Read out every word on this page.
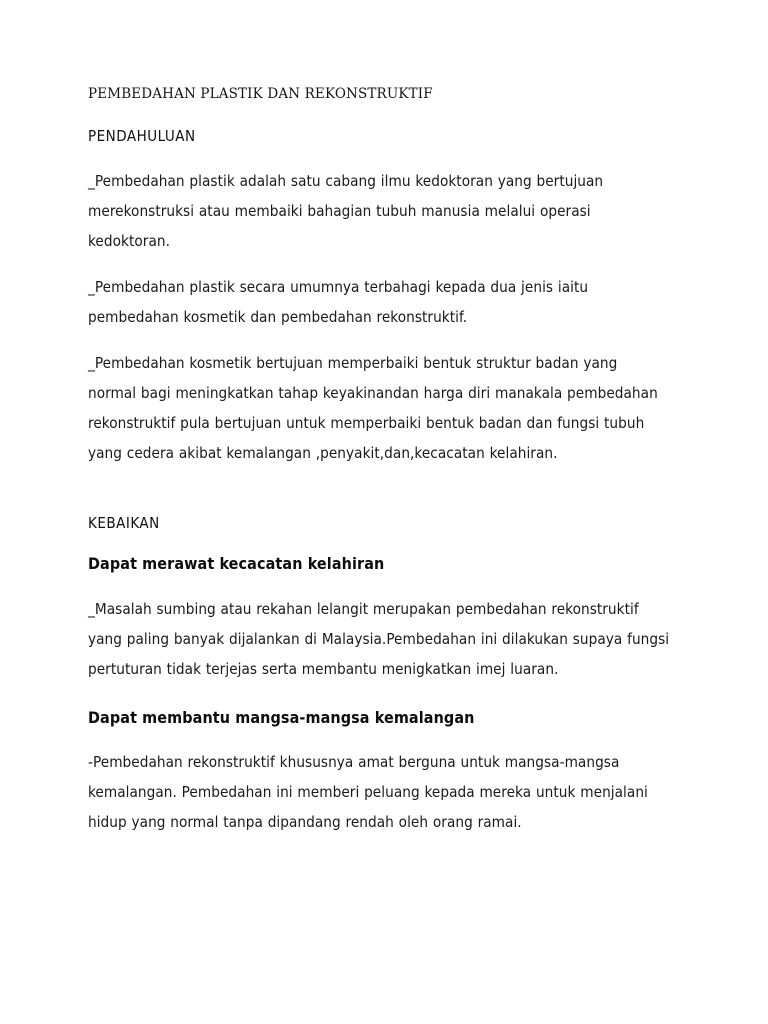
PEMBEDAHAN PLASTIK DAN REKONSTRUKTIF
PENDAHULUAN

_Pembedahan plastik adalah satu cabang ilmu kedoktoran yang bertujuan merekonstruksi atau membaiki bahagian tubuh manusia melalui operasi kedoktoran.

_Pembedahan plastik secara umumnya terbahagi kepada dua jenis iaitu pembedahan kosmetik dan pembedahan rekonstruktif.

_Pembedahan kosmetik bertujuan memperbaiki bentuk struktur badan yang normal bagi meningkatkan tahap keyakinandan harga diri manakala pembedahan rekonstruktif pula bertujuan untuk memperbaiki bentuk badan dan fungsi tubuh yang cedera akibat kemalangan ,penyakit,dan,kecacatan kelahiran.

KEBAIKAN
Dapat merawat kecacatan kelahiran

_Masalah sumbing atau rekahan lelangit merupakan pembedahan rekonstruktif yang paling banyak dijalankan di Malaysia.Pembedahan ini dilakukan supaya fungsi pertuturan tidak terjejas serta membantu menigkatkan imej luaran.

Dapat membantu mangsa-mangsa kemalangan

-Pembedahan rekonstruktif khususnya amat berguna untuk mangsa-mangsa kemalangan. Pembedahan ini memberi peluang kepada mereka untuk menjalani hidup yang normal tanpa dipandang rendah oleh orang ramai.
